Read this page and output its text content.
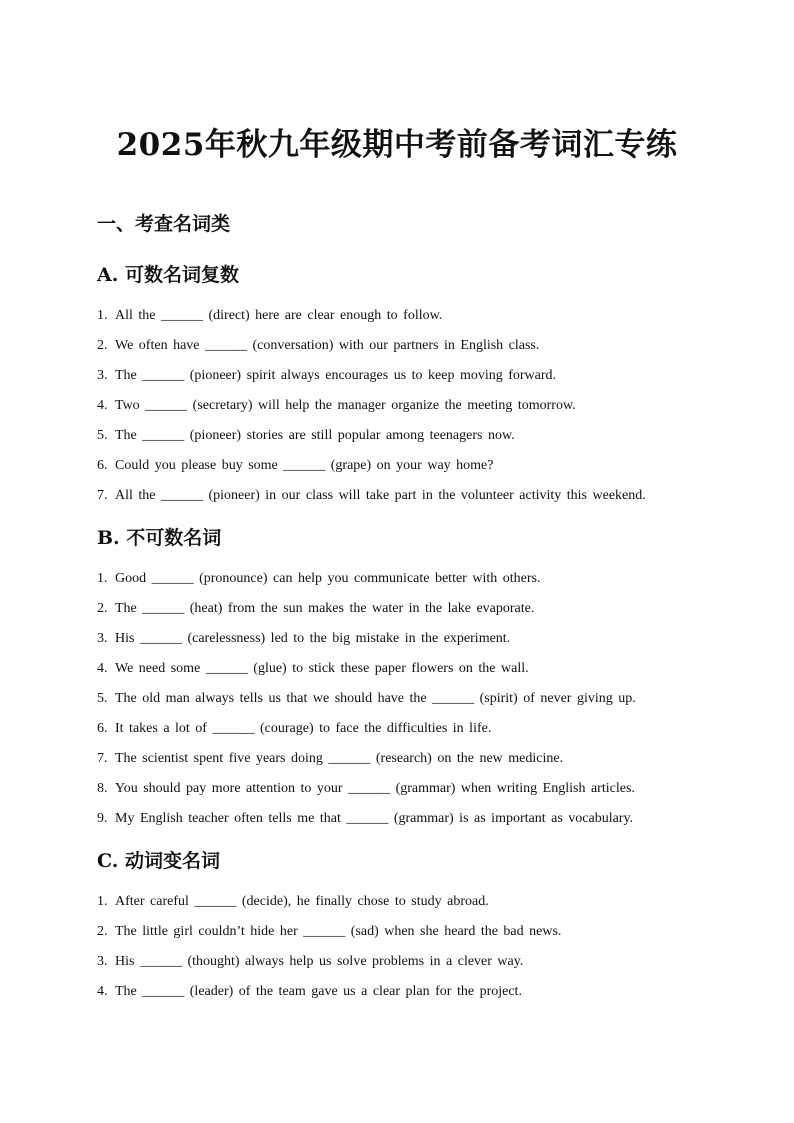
2025年秋九年级期中考前备考词汇专练
一、考查名词类
A. 可数名词复数
1. All the ______ (direct) here are clear enough to follow.
2. We often have ______ (conversation) with our partners in English class.
3. The ______ (pioneer) spirit always encourages us to keep moving forward.
4. Two ______ (secretary) will help the manager organize the meeting tomorrow.
5. The ______ (pioneer) stories are still popular among teenagers now.
6. Could you please buy some ______ (grape) on your way home?
7. All the ______ (pioneer) in our class will take part in the volunteer activity this weekend.
B. 不可数名词
1. Good ______ (pronounce) can help you communicate better with others.
2. The ______ (heat) from the sun makes the water in the lake evaporate.
3. His ______ (carelessness) led to the big mistake in the experiment.
4. We need some ______ (glue) to stick these paper flowers on the wall.
5. The old man always tells us that we should have the ______ (spirit) of never giving up.
6. It takes a lot of ______ (courage) to face the difficulties in life.
7. The scientist spent five years doing ______ (research) on the new medicine.
8. You should pay more attention to your ______ (grammar) when writing English articles.
9. My English teacher often tells me that ______ (grammar) is as important as vocabulary.
C. 动词变名词
1. After careful ______ (decide), he finally chose to study abroad.
2. The little girl couldn’t hide her ______ (sad) when she heard the bad news.
3. His ______ (thought) always help us solve problems in a clever way.
4. The ______ (leader) of the team gave us a clear plan for the project.
